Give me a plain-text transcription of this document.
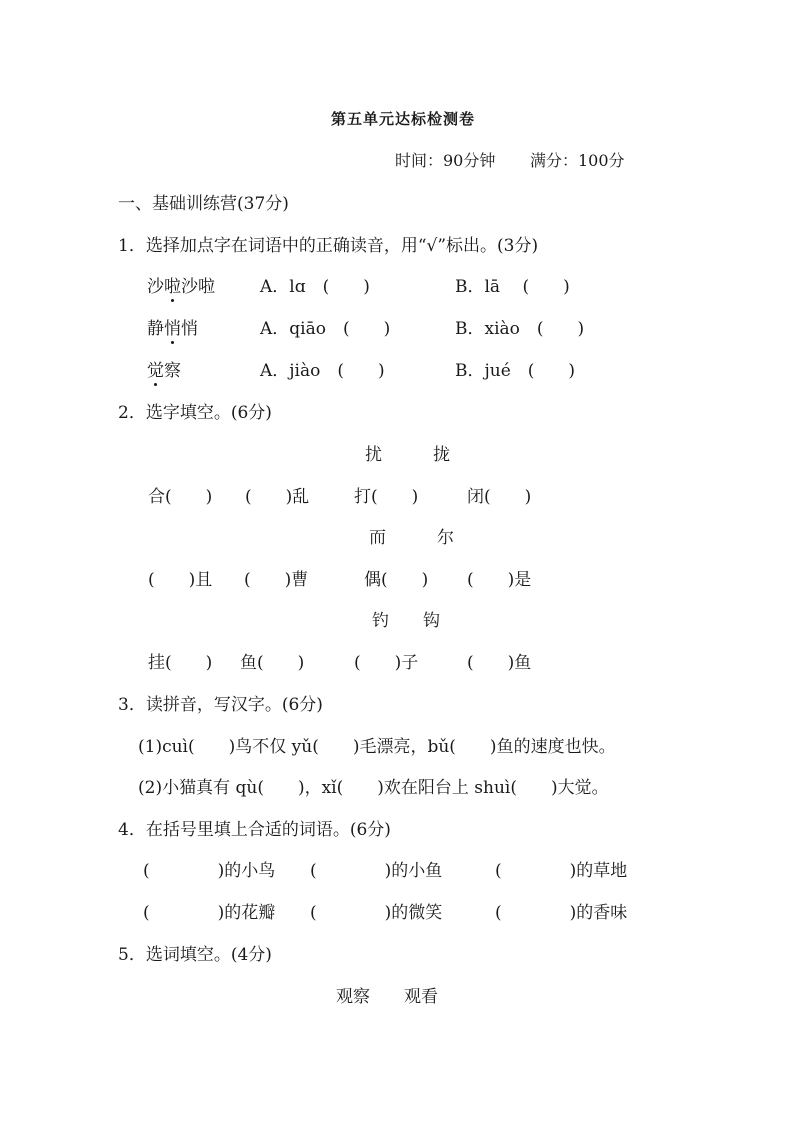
第五单元达标检测卷
时间：90分钟 满分：100分
一、基础训练营(37分)
1．选择加点字在词语中的正确读音，用“√”标出。(3分)
沙啦沙啦	A．lɑ　(　　)	B．lā　 (　　)
静悄悄	A．qiāo　(　　)	B．xiào　(　　)
觉察	A．jiào　(　　)	B．jué　(　　)
2．选字填空。(6分)
扰　　　拢
合(　　) (　　)乱	打(　　)	闭(　　)
而　　　尔
(　　)且 (　　)曹	偶(　　) (　　)是
钓　　钩
挂(　　) 鱼(　　)	(　　)子	(　　)鱼
3．读拼音，写汉字。(6分)
(1)cuì(　　)鸟不仅 yǔ(　　)毛漂亮，bǔ(　　)鱼的速度也快。
(2)小猫真有 qù(　　)，xǐ(　　)欢在阳台上 shuì(　　)大觉。
4．在括号里填上合适的词语。(6分)
(　　　　)的小鸟 (　　　　)的小鱼	(　　　　)的草地
(　　　　)的花瓣 (　　　　)的微笑	(　　　　)的香味
5．选词填空。(4分)
观察　　观看
